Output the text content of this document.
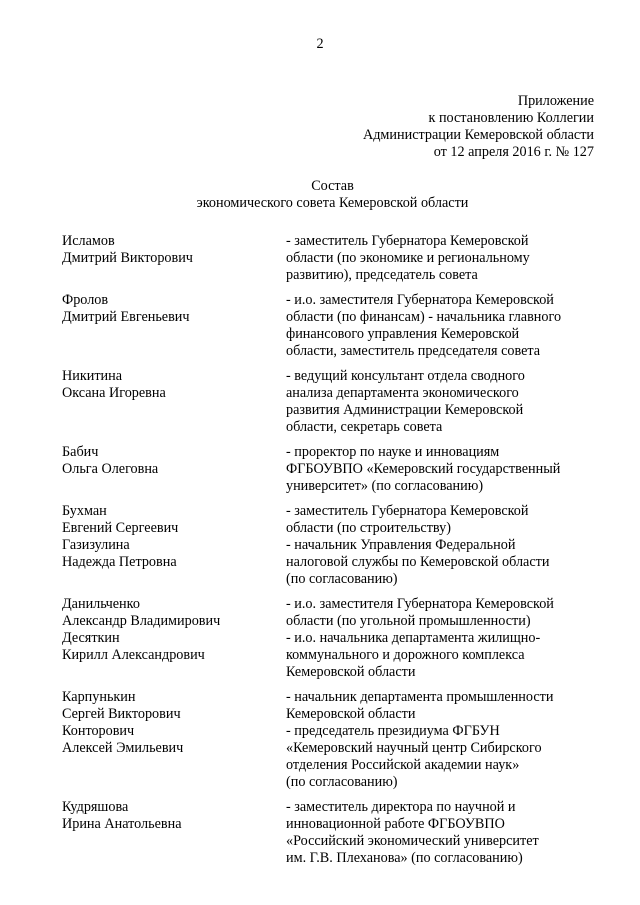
2
Приложение
к постановлению Коллегии
Администрации Кемеровской области
от 12 апреля 2016 г. № 127
Состав
экономического совета Кемеровской области
Исламов
Дмитрий Викторович
- заместитель Губернатора Кемеровской
области (по экономике и региональному
развитию), председатель совета
Фролов
Дмитрий Евгеньевич
- и.о. заместителя Губернатора Кемеровской
области (по финансам) - начальника главного
финансового управления Кемеровской
области, заместитель председателя совета
Никитина
Оксана Игоревна
- ведущий консультант отдела сводного
анализа департамента экономического
развития Администрации Кемеровской
области, секретарь совета
Бабич
Ольга Олеговна
- проректор по науке и инновациям
ФГБОУВПО «Кемеровский государственный
университет» (по согласованию)
Бухман
Евгений Сергеевич
- заместитель Губернатора Кемеровской
области (по строительству)
Газизулина
Надежда Петровна
- начальник Управления Федеральной
налоговой службы по Кемеровской области
(по согласованию)
Данильченко
Александр Владимирович
- и.о. заместителя Губернатора Кемеровской
области (по угольной промышленности)
Десяткин
Кирилл Александрович
- и.о. начальника департамента жилищно-
коммунального и дорожного комплекса
Кемеровской области
Карпунькин
Сергей Викторович
- начальник департамента промышленности
Кемеровской области
Конторович
Алексей Эмильевич
- председатель президиума ФГБУН
«Кемеровский научный центр Сибирского
отделения Российской академии наук»
(по согласованию)
Кудряшова
Ирина Анатольевна
- заместитель директора по научной и
инновационной работе ФГБОУВПО
«Российский экономический университет
им. Г.В. Плеханова» (по согласованию)
